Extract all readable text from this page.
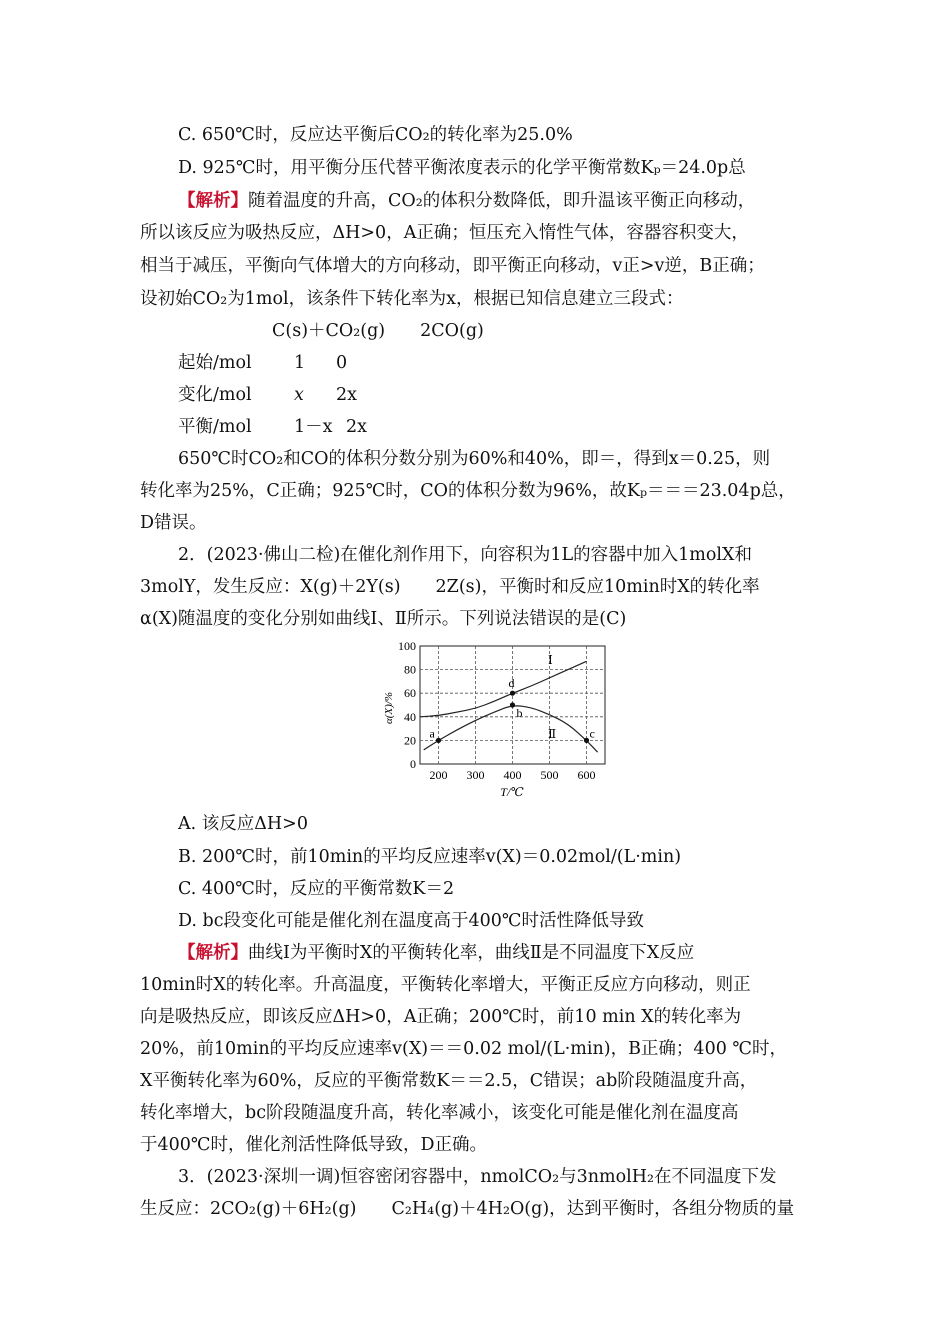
C. 650℃时，反应达平衡后CO₂的转化率为25.0%
D. 925℃时，用平衡分压代替平衡浓度表示的化学平衡常数Kₚ＝24.0p总
【解析】随着温度的升高，CO₂的体积分数降低，即升温该平衡正向移动，
所以该反应为吸热反应，ΔH>0，A正确；恒压充入惰性气体，容器容积变大，
相当于减压，平衡向气体增大的方向移动，即平衡正向移动，v正>v逆，B正确；
设初始CO₂为1mol，该条件下转化率为x，根据已知信息建立三段式：
C(s)＋CO₂(g)　　2CO(g)
起始/mol 1 0
变化/mol x 2x
平衡/mol 1－x 2x
650℃时CO₂和CO的体积分数分别为60%和40%，即＝，得到x＝0.25，则
转化率为25%，C正确；925℃时，CO的体积分数为96%，故Kₚ＝＝＝23.04p总，
D错误。
2．(2023·佛山二检)在催化剂作用下，向容积为1L的容器中加入1molX和
3molY，发生反应：X(g)＋2Y(s)　　2Z(s)，平衡时和反应10min时X的转化率
α(X)随温度的变化分别如曲线Ⅰ、Ⅱ所示。下列说法错误的是(C)
200 300 400 500 600
0
20
40
60
80
100
a
d
b
c
α(X)/%
T/℃
Ⅰ
Ⅱ
A. 该反应ΔH>0
B. 200℃时，前10min的平均反应速率v(X)＝0.02mol/(L·min)
C. 400℃时，反应的平衡常数K＝2
D. bc段变化可能是催化剂在温度高于400℃时活性降低导致
【解析】曲线Ⅰ为平衡时X的平衡转化率，曲线Ⅱ是不同温度下X反应
10min时X的转化率。升高温度，平衡转化率增大，平衡正反应方向移动，则正
向是吸热反应，即该反应ΔH>0，A正确；200℃时，前10 min X的转化率为
20%，前10min的平均反应速率v(X)＝＝0.02 mol/(L·min)，B正确；400 ℃时，
X平衡转化率为60%，反应的平衡常数K＝＝2.5，C错误；ab阶段随温度升高，
转化率增大，bc阶段随温度升高，转化率减小，该变化可能是催化剂在温度高
于400℃时，催化剂活性降低导致，D正确。
3．(2023·深圳一调)恒容密闭容器中，nmolCO₂与3nmolH₂在不同温度下发
生反应：2CO₂(g)＋6H₂(g)　　C₂H₄(g)＋4H₂O(g)，达到平衡时，各组分物质的量
